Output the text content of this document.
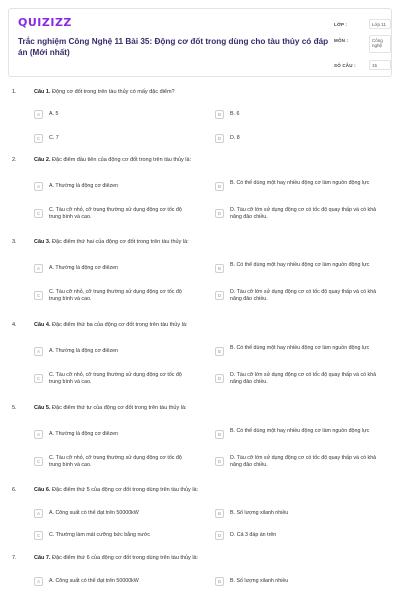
QUIZIZZ
Trắc nghiệm Công Nghệ 11 Bài 35: Động cơ đốt trong dùng cho tàu thủy có đáp án (Mới nhất)
LỚP :	Lớp 11
MÔN :	Công nghệ
SỐ CÂU :	15
1.	Câu 1. Động cơ đốt trong trên tàu thủy có mấy đặc điểm?
A	A. 5	B	B. 6
C	C. 7	D	D. 8
2.	Câu 2. Đặc điểm đầu tiên của động cơ đốt trong trên tàu thủy là:
A	A. Thường là động cơ điêzen	B
B. Có thể dùng một hay nhiều động cơ làm nguồn động lực
C
C. Tàu cỡ nhỏ, cỡ trung thường sử dụng động cơ tốc độ trung bình và cao.
D
D. Tàu cỡ lớn sử dụng động cơ có tốc độ quay thấp và có khả năng đảo chiều.
3.	Câu 3. Đặc điểm thứ hai của động cơ đốt trong trên tàu thủy là:
A	A. Thường là động cơ điêzen	B
B. Có thể dùng một hay nhiều động cơ làm nguồn động lực
C
C. Tàu cỡ nhỏ, cỡ trung thường sử dụng động cơ tốc độ trung bình và cao.
D
D. Tàu cỡ lớn sử dụng động cơ có tốc độ quay thấp và có khả năng đảo chiều.
4.	Câu 4. Đặc điểm thứ ba của động cơ đốt trong trên tàu thủy là:
A	A. Thường là động cơ điêzen	B
B. Có thể dùng một hay nhiều động cơ làm nguồn động lực
C
C. Tàu cỡ nhỏ, cỡ trung thường sử dụng động cơ tốc độ trung bình và cao.
D
D. Tàu cỡ lớn sử dụng động cơ có tốc độ quay thấp và có khả năng đảo chiều.
5.	Câu 5. Đặc điểm thứ tư của động cơ đốt trong trên tàu thủy là:
A	A. Thường là động cơ điêzen	B
B. Có thể dùng một hay nhiều động cơ làm nguồn động lực
C
C. Tàu cỡ nhỏ, cỡ trung thường sử dụng động cơ tốc độ trung bình và cao.
D
D. Tàu cỡ lớn sử dụng động cơ có tốc độ quay thấp và có khả năng đảo chiều.
6.	Câu 6. Đặc điểm thứ 5 của động cơ đốt trong dùng trên tàu thủy là:
A	A. Công suất có thể đạt trên 50000kW	B	B. Số lượng xilanh nhiều
C	C. Thường làm mát cưỡng bức bằng nước	D	D. Cả 3 đáp án trên
7.	Câu 7. Đặc điểm thứ 6 của động cơ đốt trong dùng trên tàu thủy là:
A	A. Công suất có thể đạt trên 50000kW	B	B. Số lượng xilanh nhiều
